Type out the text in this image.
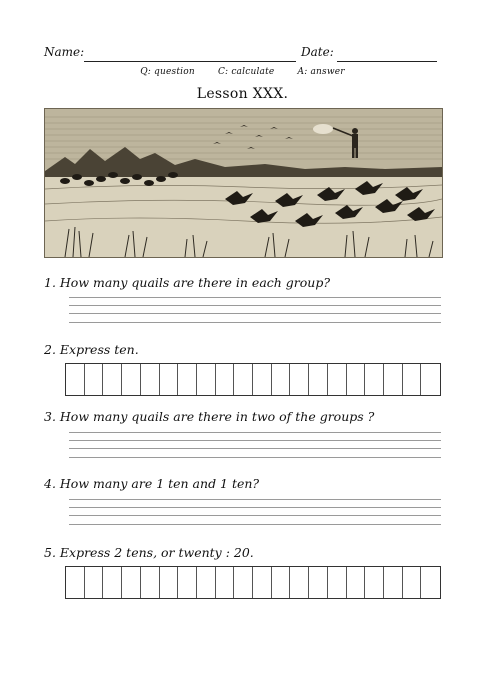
Name:	Date:
Q: question	C: calculate	A: answer
Lesson XXX.
1. How many quails are there in each group?
2. Express ten.
3. How many quails are there in two of the groups ?
4. How many are 1 ten and 1 ten?
5. Express 2 tens, or twenty : 20.
